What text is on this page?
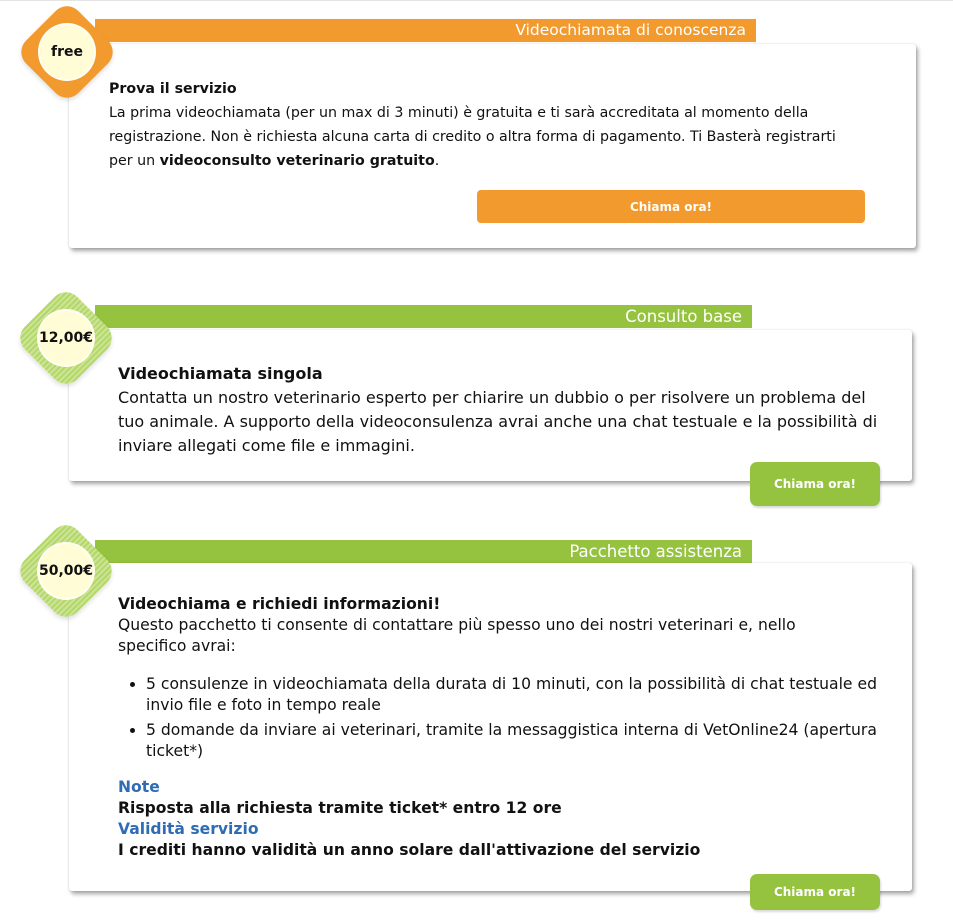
Videochiamata di conoscenza
free
Prova il servizio
La prima videochiamata (per un max di 3 minuti) è gratuita e ti sarà accreditata al momento della
registrazione. Non è richiesta alcuna carta di credito o altra forma di pagamento. Ti Basterà registrarti
per un videoconsulto veterinario gratuito.
Chiama ora!
Consulto base
12,00€
Videochiamata singola
Contatta un nostro veterinario esperto per chiarire un dubbio o per risolvere un problema del tuo animale. A supporto della videoconsulenza avrai anche una chat testuale e la possibilità di inviare allegati come file e immagini.
Chiama ora!
Pacchetto assistenza
50,00€
Videochiama e richiedi informazioni!
Questo pacchetto ti consente di contattare più spesso uno dei nostri veterinari e, nello specifico avrai:
• 5 consulenze in videochiamata della durata di 10 minuti, con la possibilità di chat testuale ed invio file e foto in tempo reale
• 5 domande da inviare ai veterinari, tramite la messaggistica interna di VetOnline24 (apertura ticket*)
Note
Risposta alla richiesta tramite ticket* entro 12 ore
Validità servizio
I crediti hanno validità un anno solare dall'attivazione del servizio
Chiama ora!
